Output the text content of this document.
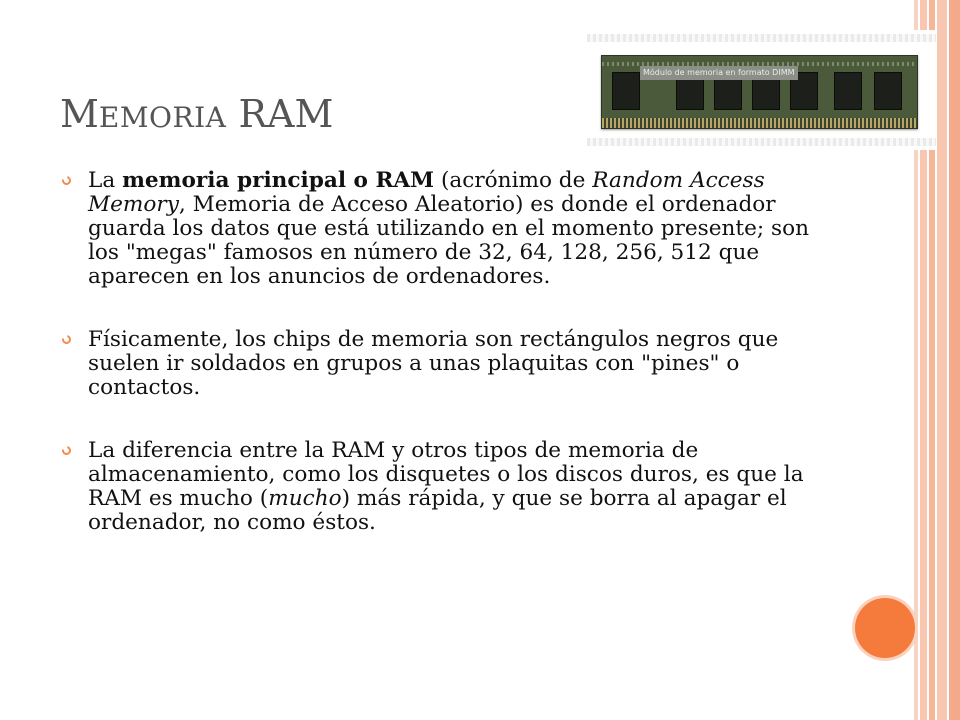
Módulo de memoria en formato DIMM
MEMORIA RAM
La memoria principal o RAM (acrónimo de Random Access Memory, Memoria de Acceso Aleatorio) es donde el ordenador guarda los datos que está utilizando en el momento presente; son los "megas" famosos en número de 32, 64, 128, 256, 512 que aparecen en los anuncios de ordenadores.
Físicamente, los chips de memoria son rectángulos negros que suelen ir soldados en grupos a unas plaquitas con "pines" o contactos.
La diferencia entre la RAM y otros tipos de memoria de almacenamiento, como los disquetes o los discos duros, es que la RAM es mucho (mucho) más rápida, y que se borra al apagar el ordenador, no como éstos.
